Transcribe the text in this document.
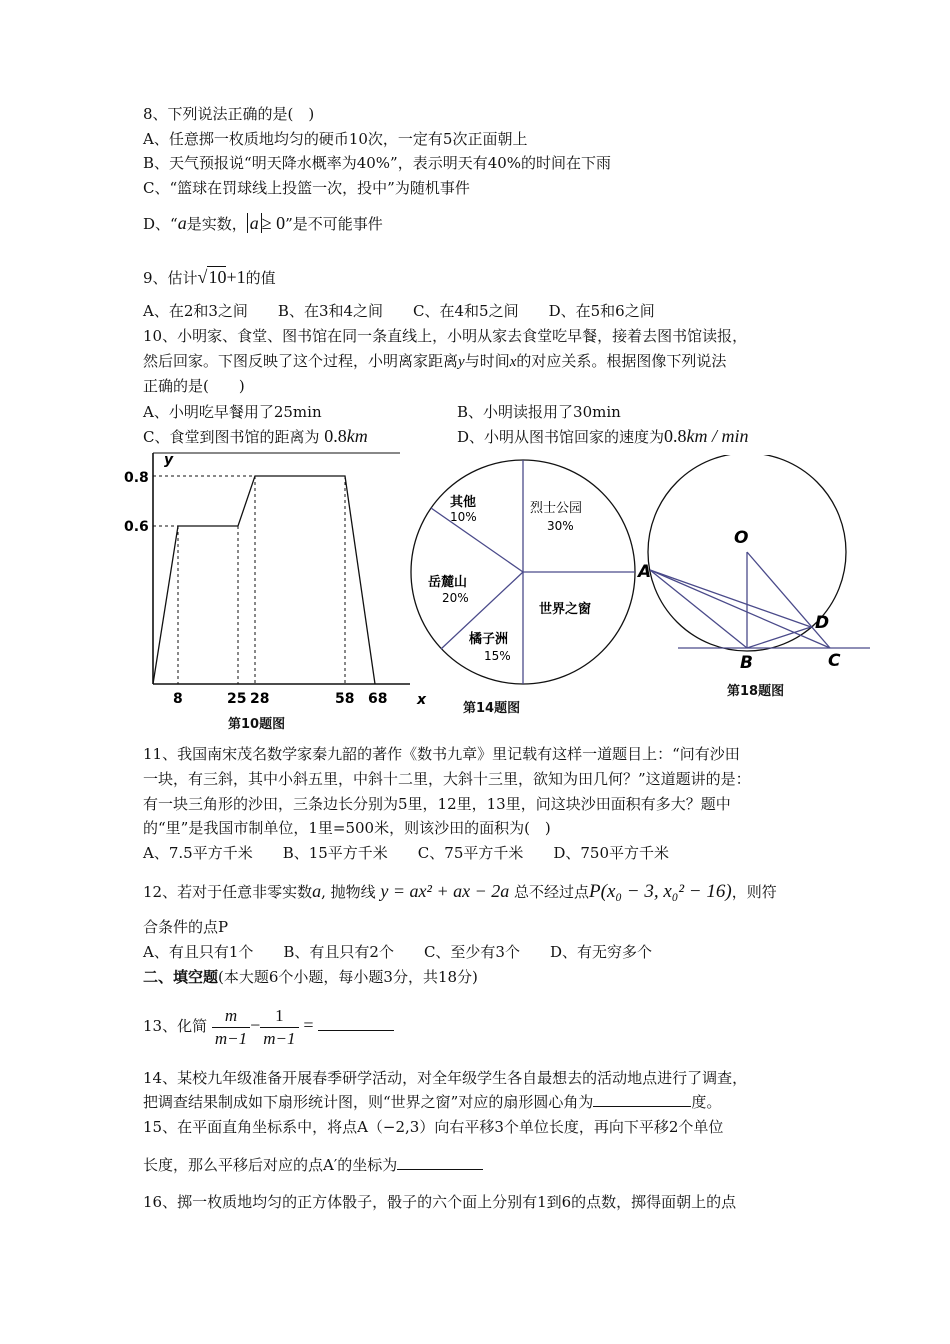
8、下列说法正确的是(　)
A、任意掷一枚质地均匀的硬币10次，一定有5次正面朝上
B、天气预报说“明天降水概率为40%”，表示明天有40%的时间在下雨
C、“篮球在罚球线上投篮一次，投中”为随机事件
D、“a是实数， a ≥ 0”是不可能事件
9、估计√10+1的值
A、在2和3之间　　B、在3和4之间　　C、在4和5之间　　D、在5和6之间
10、小明家、食堂、图书馆在同一条直线上，小明从家去食堂吃早餐，接着去图书馆读报，
然后回家。下图反映了这个过程，小明离家距离y与时间x的对应关系。根据图像下列说法
正确的是(　　)
A、小明吃早餐用了25min	B、小明读报用了30min
C、食堂到图书馆的距离为 0.8km	D、小明从图书馆回家的速度为0.8km / min
y
x
0.8
0.6
8	25 28	58 68
第10题图
烈士公园
30%
其他
10%
岳麓山
20%
橘子洲
15%
世界之窗
第14题图
O
A
B	C
D
第18题图
11、我国南宋茂名数学家秦九韶的著作《数书九章》里记载有这样一道题目上：“问有沙田
一块，有三斜，其中小斜五里，中斜十二里，大斜十三里，欲知为田几何？”这道题讲的是：
有一块三角形的沙田，三条边长分别为5里，12里，13里，问这块沙田面积有多大？题中
的“里”是我国市制单位，1里=500米，则该沙田的面积为(　)
A、7.5平方千米　　B、15平方千米　　C、75平方千米　　D、750平方千米
12、若对于任意非零实数a, 抛物线 y = ax² + ax − 2a 总不经过点P(x₀ − 3, x₀² − 16)，则符
合条件的点P
A、有且只有1个　　B、有且只有2个　　C、至少有3个　　D、有无穷多个
二、填空题(本大题6个小题，每小题3分，共18分)
13、化简 $\frac{m}{m-1} - \frac{1}{m-1}$ =
14、某校九年级准备开展春季研学活动，对全年级学生各自最想去的活动地点进行了调查，
把调查结果制成如下扇形统计图，则“世界之窗”对应的扇形圆心角为	度。
15、在平面直角坐标系中，将点A（−2,3）向右平移3个单位长度，再向下平移2个单位
长度，那么平移后对应的点A′的坐标为
16、掷一枚质地均匀的正方体骰子，骰子的六个面上分别有1到6的点数，掷得面朝上的点
